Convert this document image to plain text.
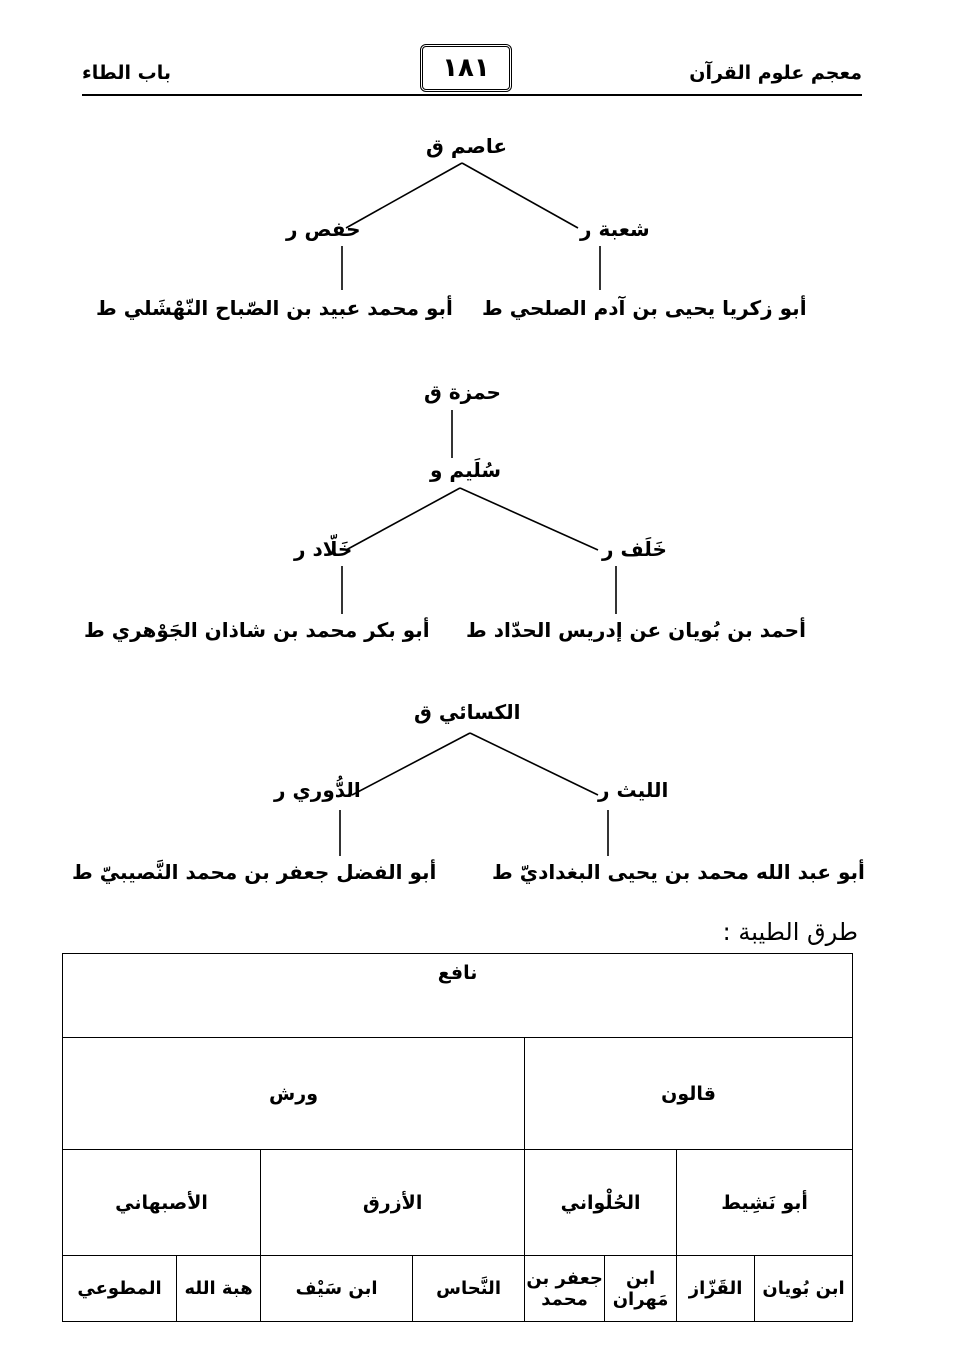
معجم علوم القرآن
١٨١
باب الطاء
عاصم ق
شعبة ر
حفص ر
أبو زكريا يحيى بن آدم الصلحي ط
أبو محمد عبيد بن الصّباح النّهْشَلي ط
حمزة ق
سُلَيم و
خَلَف ر
خَلّاد ر
أحمد بن بُويان عن إدريس الحدّاد ط
أبو بكر محمد بن شاذان الجَوْهري ط
الكسائي ق
الليث ر
الدُّوري ر
أبو عبد الله محمد بن يحيى البغداديّ ط
أبو الفضل جعفر بن محمد النَّصيبيّ ط
طرق الطيبة :
نافع							
قالون				ورش			
أبو نَشِيط		الحُلْواني		الأزرق		الأصبهاني	
ابن بُويان	القَزّاز	ابن مَهران	جعفر بن محمد	النَّحاس	ابن سَيْف	هبة الله	المطوعي
